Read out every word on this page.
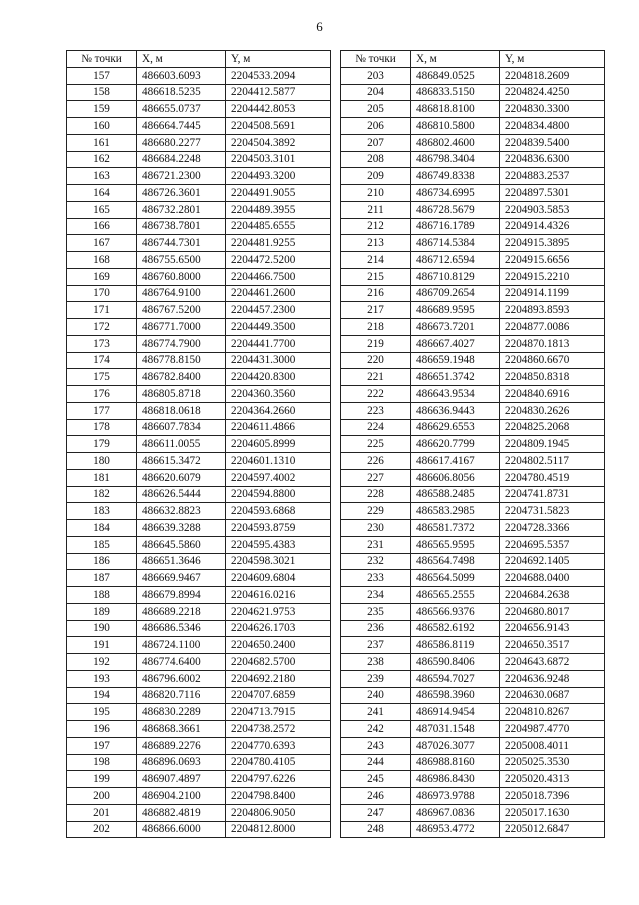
6
№ точки	X, м	Y, м
157	486603.6093	2204533.2094
158	486618.5235	2204412.5877
159	486655.0737	2204442.8053
160	486664.7445	2204508.5691
161	486680.2277	2204504.3892
162	486684.2248	2204503.3101
163	486721.2300	2204493.3200
164	486726.3601	2204491.9055
165	486732.2801	2204489.3955
166	486738.7801	2204485.6555
167	486744.7301	2204481.9255
168	486755.6500	2204472.5200
169	486760.8000	2204466.7500
170	486764.9100	2204461.2600
171	486767.5200	2204457.2300
172	486771.7000	2204449.3500
173	486774.7900	2204441.7700
174	486778.8150	2204431.3000
175	486782.8400	2204420.8300
176	486805.8718	2204360.3560
177	486818.0618	2204364.2660
178	486607.7834	2204611.4866
179	486611.0055	2204605.8999
180	486615.3472	2204601.1310
181	486620.6079	2204597.4002
182	486626.5444	2204594.8800
183	486632.8823	2204593.6868
184	486639.3288	2204593.8759
185	486645.5860	2204595.4383
186	486651.3646	2204598.3021
187	486669.9467	2204609.6804
188	486679.8994	2204616.0216
189	486689.2218	2204621.9753
190	486686.5346	2204626.1703
191	486724.1100	2204650.2400
192	486774.6400	2204682.5700
193	486796.6002	2204692.2180
194	486820.7116	2204707.6859
195	486830.2289	2204713.7915
196	486868.3661	2204738.2572
197	486889.2276	2204770.6393
198	486896.0693	2204780.4105
199	486907.4897	2204797.6226
200	486904.2100	2204798.8400
201	486882.4819	2204806.9050
202	486866.6000	2204812.8000
№ точки	X, м	Y, м
203	486849.0525	2204818.2609
204	486833.5150	2204824.4250
205	486818.8100	2204830.3300
206	486810.5800	2204834.4800
207	486802.4600	2204839.5400
208	486798.3404	2204836.6300
209	486749.8338	2204883.2537
210	486734.6995	2204897.5301
211	486728.5679	2204903.5853
212	486716.1789	2204914.4326
213	486714.5384	2204915.3895
214	486712.6594	2204915.6656
215	486710.8129	2204915.2210
216	486709.2654	2204914.1199
217	486689.9595	2204893.8593
218	486673.7201	2204877.0086
219	486667.4027	2204870.1813
220	486659.1948	2204860.6670
221	486651.3742	2204850.8318
222	486643.9534	2204840.6916
223	486636.9443	2204830.2626
224	486629.6553	2204825.2068
225	486620.7799	2204809.1945
226	486617.4167	2204802.5117
227	486606.8056	2204780.4519
228	486588.2485	2204741.8731
229	486583.2985	2204731.5823
230	486581.7372	2204728.3366
231	486565.9595	2204695.5357
232	486564.7498	2204692.1405
233	486564.5099	2204688.0400
234	486565.2555	2204684.2638
235	486566.9376	2204680.8017
236	486582.6192	2204656.9143
237	486586.8119	2204650.3517
238	486590.8406	2204643.6872
239	486594.7027	2204636.9248
240	486598.3960	2204630.0687
241	486914.9454	2204810.8267
242	487031.1548	2204987.4770
243	487026.3077	2205008.4011
244	486988.8160	2205025.3530
245	486986.8430	2205020.4313
246	486973.9788	2205018.7396
247	486967.0836	2205017.1630
248	486953.4772	2205012.6847
